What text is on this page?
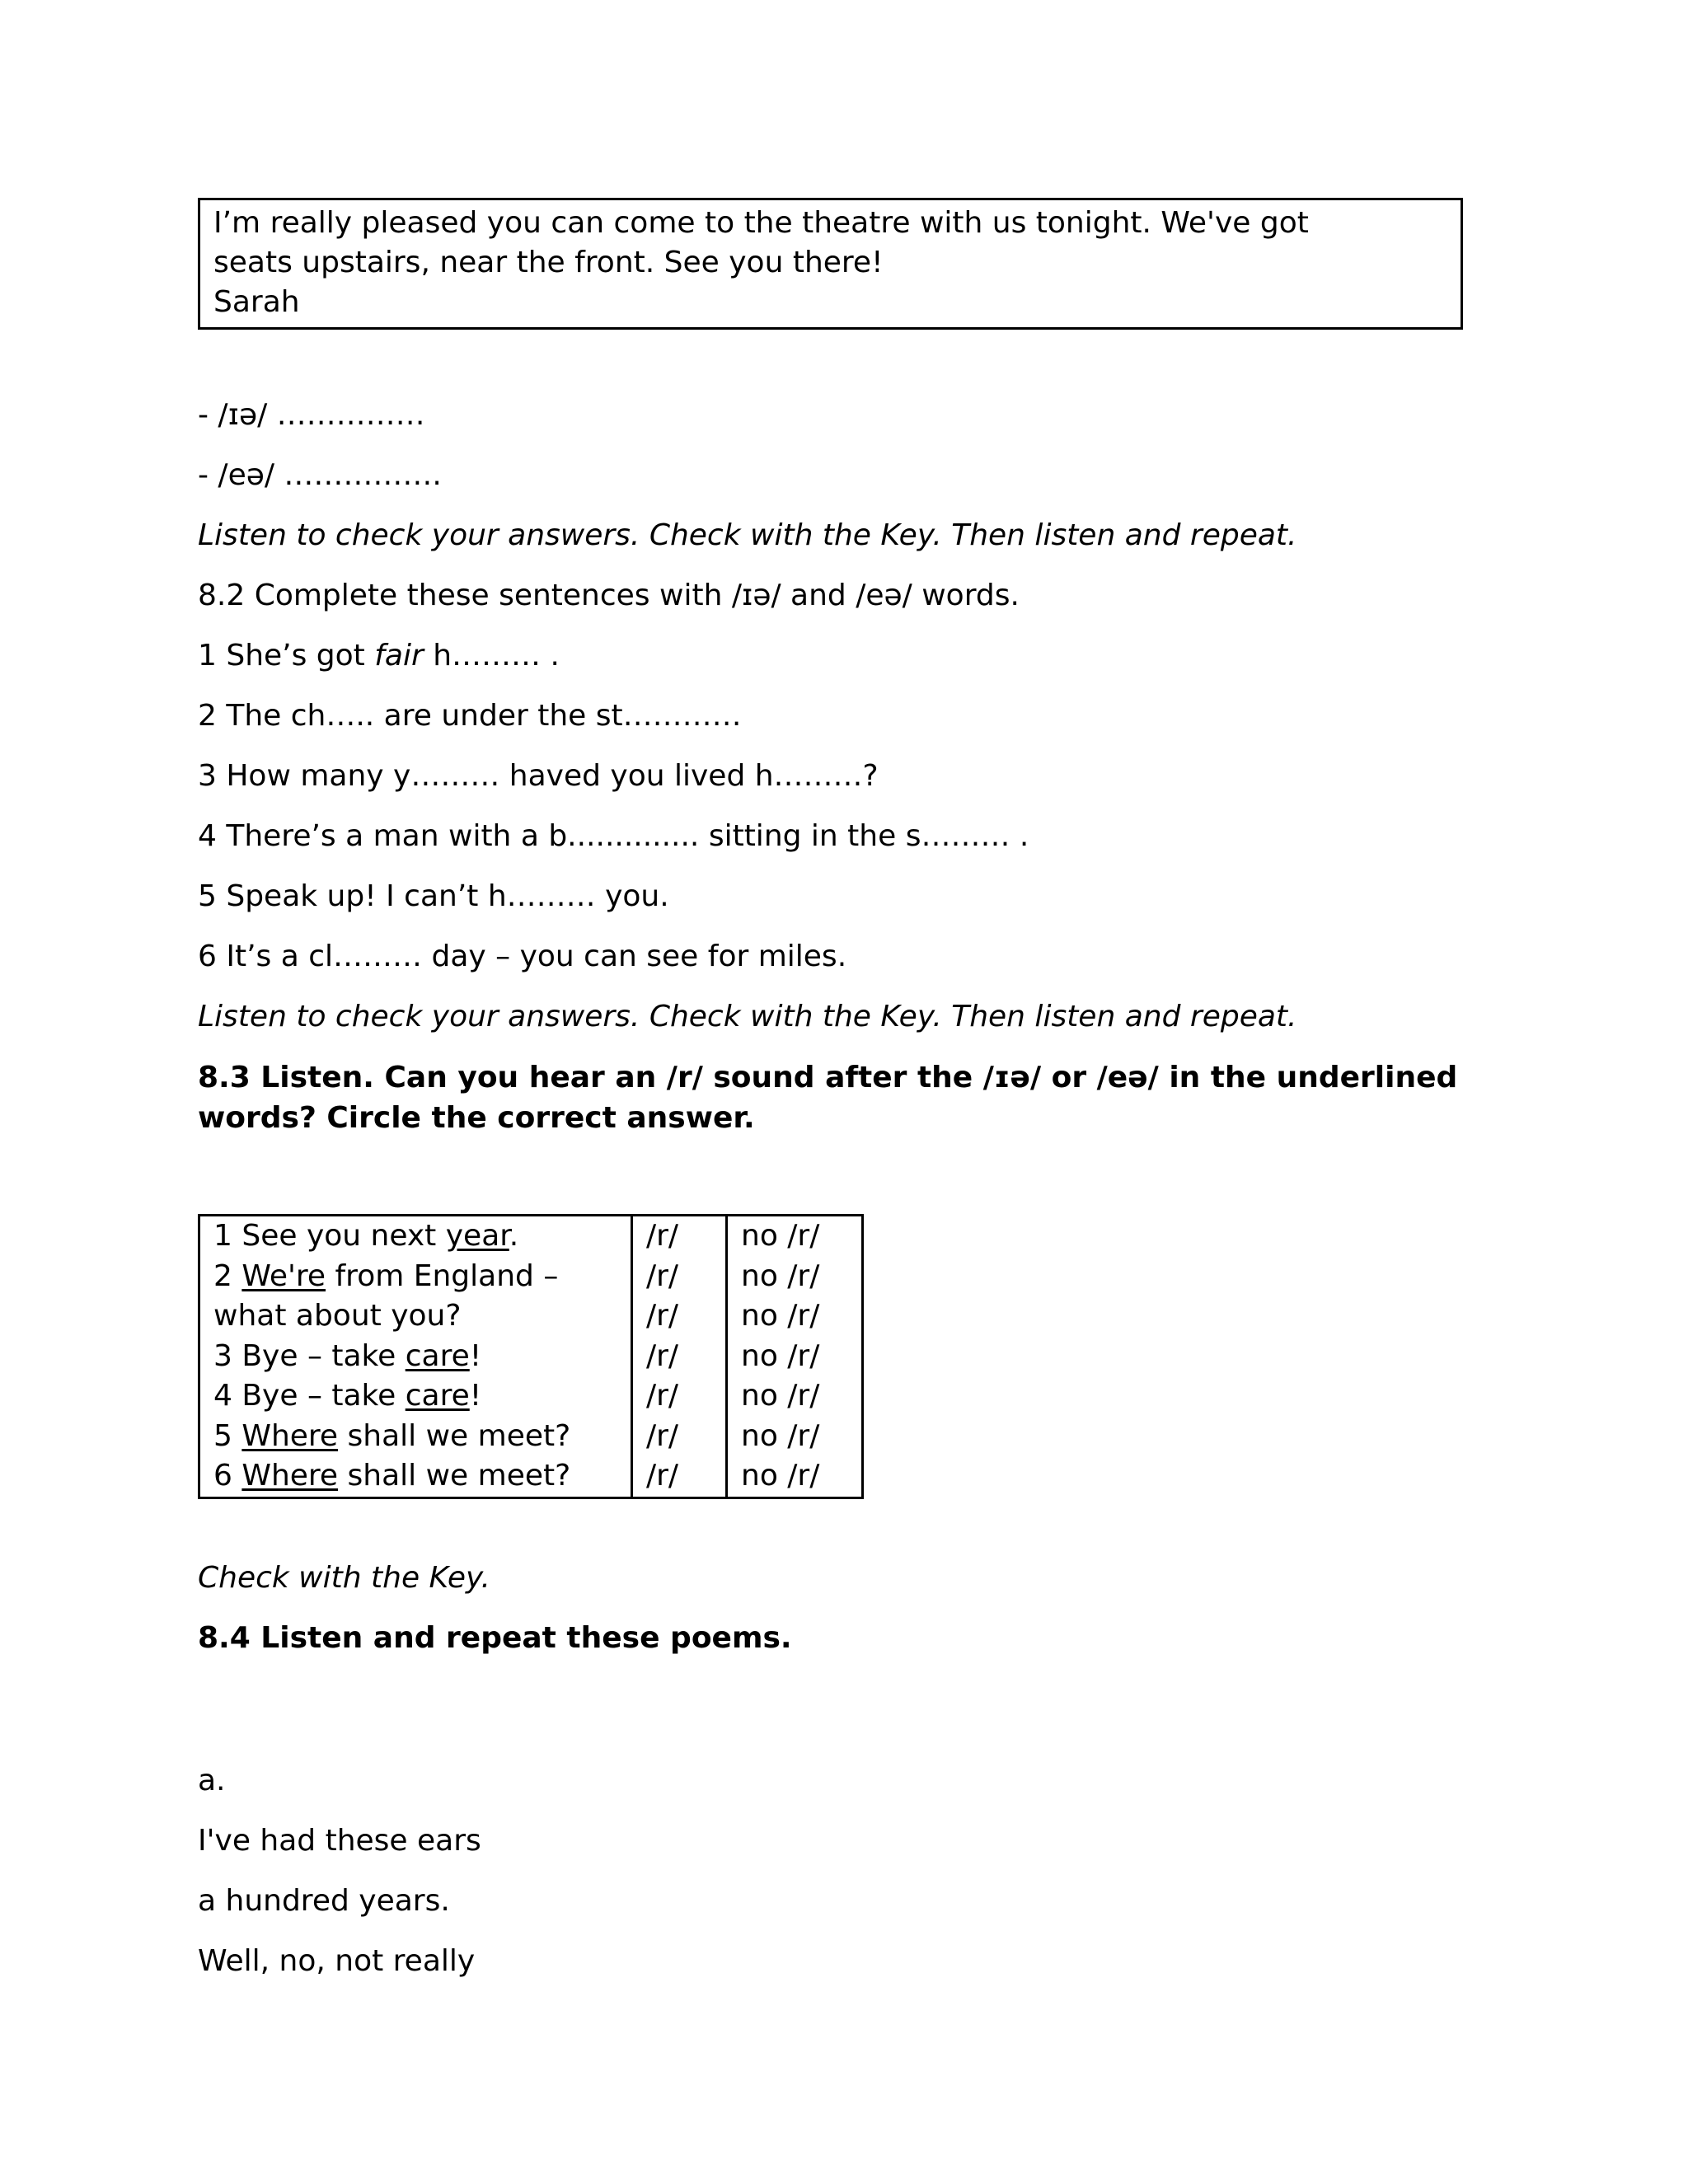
I’m really pleased you can come to the theatre with us tonight. We've got
seats upstairs, near the front. See you there!
Sarah

- /ɪə/ ……………

- /eə/ …………….

Listen to check your answers. Check with the Key. Then listen and repeat.

8.2 Complete these sentences with /ɪə/ and /eə/ words.

1 She’s got fair h……… .

2 The ch….. are under the st…………

3 How many y……… haved you lived h………?

4 There’s a man with a b.............. sitting in the s……… .

5 Speak up! I can’t h……… you.

6 It’s a cl……… day – you can see for miles.

Listen to check your answers. Check with the Key. Then listen and repeat.

8.3 Listen. Can you hear an /r/ sound after the /ɪə/ or /eə/ in the underlined
words? Circle the correct answer.

1 See you next year.	/r/	no /r/
2 We're from England –	/r/	no /r/
what about you?	/r/	no /r/
3 Bye – take care!	/r/	no /r/
4 Bye – take care!	/r/	no /r/
5 Where shall we meet?	/r/	no /r/
6 Where shall we meet?	/r/	no /r/

Check with the Key.

8.4 Listen and repeat these poems.

a.

I've had these ears

a hundred years.

Well, no, not really
